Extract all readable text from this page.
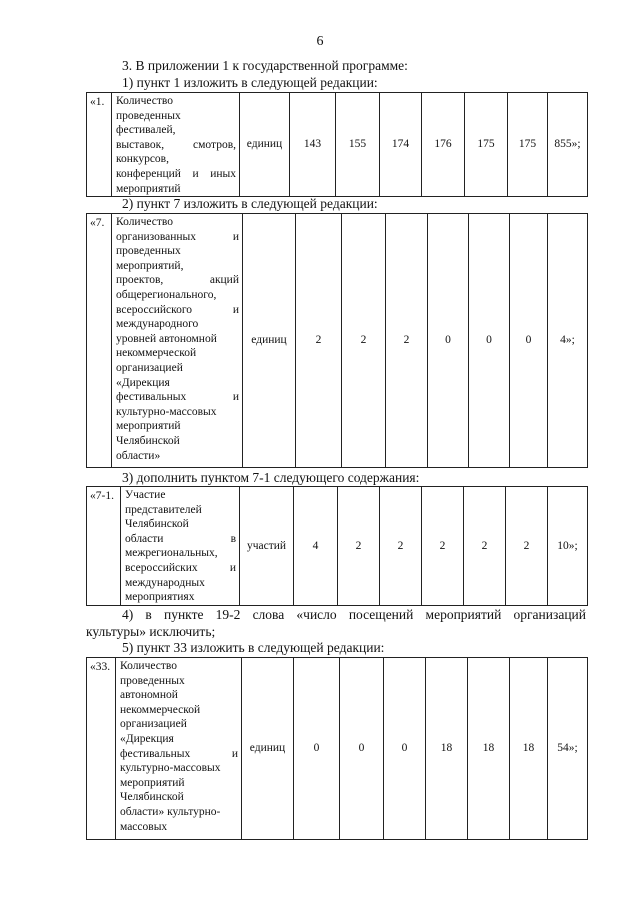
6
3. В приложении 1 к государственной программе:
1) пункт 1 изложить в следующей редакции:
«1.	Количество
проведенных
фестивалей,
выставок, смотров,
конкурсов,
конференций и иных
мероприятий
	единиц	143	155	174	176	175	175	855»;
2) пункт 7 изложить в следующей редакции:
«7.	Количество
организованных и
проведенных
мероприятий,
проектов, акций
общерегионального,
всероссийского и
международного
уровней автономной
некоммерческой
организацией
«Дирекция
фестивальных и
культурно-массовых
мероприятий
Челябинской
области»
	единиц	2	2	2	0	0	0	4»;
3) дополнить пунктом 7-1 следующего содержания:
«7-1.	Участие
представителей
Челябинской
области в
межрегиональных,
всероссийских и
международных
мероприятиях
	участий	4	2	2	2	2	2	10»;
4) в пункте 19-2 слова «число посещений мероприятий организаций
культуры» исключить;
5) пункт 33 изложить в следующей редакции:
«33.	Количество
проведенных
автономной
некоммерческой
организацией
«Дирекция
фестивальных и
культурно-массовых
мероприятий
Челябинской
области» культурно-
массовых
	единиц	0	0	0	18	18	18	54»;
